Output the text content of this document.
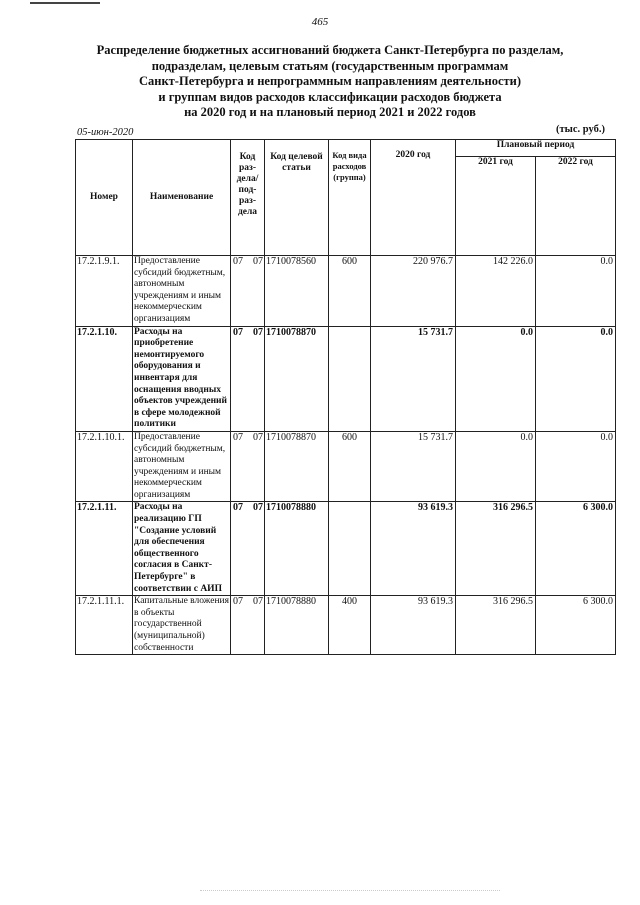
465
Распределение бюджетных ассигнований бюджета Санкт-Петербурга по разделам,
подразделам, целевым статьям (государственным программам
Санкт-Петербурга и непрограммным направлениям деятельности)
и группам видов расходов классификации расходов бюджета
на 2020 год и на плановый период 2021 и 2022 годов
05-июн-2020	(тыс. руб.)
Номер	Наименование	Код раз-дела/ под-раз-дела		Код целевой статьи	Код вида расходов (группа)	2020 год	Плановый период	
							2021 год	2022 год
17.2.1.9.1.	Предоставление субсидий бюджетным, автономным учреждениям и иным некоммерческим организациям	07	07	1710078560	600	220 976.7	142 226.0	0.0
17.2.1.10.	Расходы на приобретение немонтируемого оборудования и инвентаря для оснащения вводных объектов учреждений в сфере молодежной политики	07	07	1710078870		15 731.7	0.0	0.0
17.2.1.10.1.	Предоставление субсидий бюджетным, автономным учреждениям и иным некоммерческим организациям	07	07	1710078870	600	15 731.7	0.0	0.0
17.2.1.11.	Расходы на реализацию ГП "Создание условий для обеспечения общественного согласия в Санкт-Петербурге" в соответствии с АИП	07	07	1710078880		93 619.3	316 296.5	6 300.0
17.2.1.11.1.	Капитальные вложения в объекты государственной (муниципальной) собственности	07	07	1710078880	400	93 619.3	316 296.5	6 300.0
